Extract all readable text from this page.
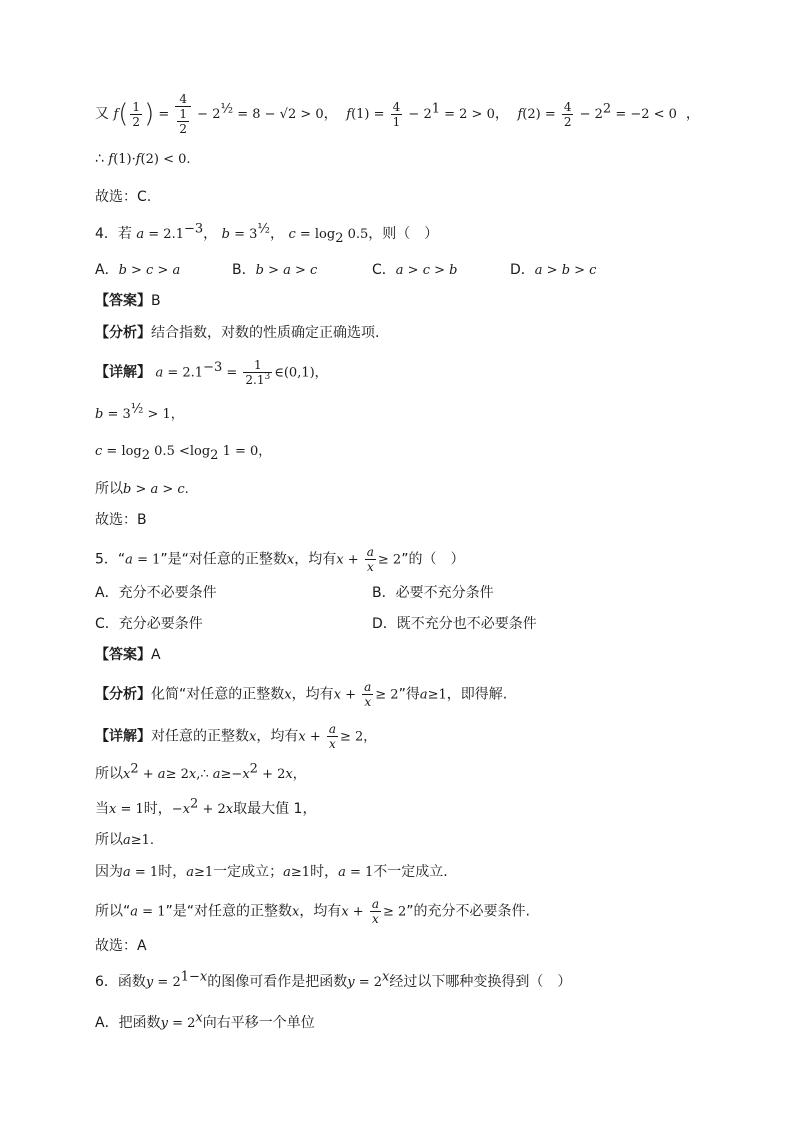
又 $f( \frac{1}{2}$ ) = $\frac{4}{\frac{1}{2}} - 2^{\frac{1}{2}} = 8 - √2 > 0$，  $f(1) = \frac{4}{1} - 2^1 = 2 > 0$，  $f(2) = \frac{4}{2} - 2^2 = -2 < 0$ ，
∴ f(1)·f(2) < 0.
故选：C.
4．若 $a = 2.1^{-3}$， $b = 3^{\frac{1}{2}}$， $c = \log_2 0.5$，则（　）
A．b > c > a	B．b > a > c	C．a > c > b	D．a > b > c
【答案】B
【分析】结合指数，对数的性质确定正确选项.
【详解】 $a = 2.1^{-3} = \frac{1}{2.1^3}$ ∈(0,1)，
$b = 3^{\frac{1}{2}} > 1$，
$c = \log_2 0.5 <\log_2$ 1 = 0，
所以b > a > c.
故选：B
5．“a = 1”是“对任意的正整数x，均有$x + \frac{a}{x} \ge 2$”的（　）
A．充分不必要条件	B．必要不充分条件
C．充分必要条件	D．既不充分也不必要条件
【答案】A
【分析】化简“对任意的正整数x，均有$x + \frac{a}{x} \ge 2$”得a≥1，即得解.
【详解】对任意的正整数x，均有$x + \frac{a}{x} \ge 2$，
所以$x^2 + a\ge$ 2x,∴ $a\ge-x^2 + 2x$，
当x = 1时，$-x^2 + 2x$取最大值 1，
所以a≥1.
因为a = 1时，a≥1一定成立；a≥1时，a = 1不一定成立.
所以“a = 1”是“对任意的正整数x，均有$x + \frac{a}{x} \ge 2$”的充分不必要条件.
故选：A
6．函数$y = 2^{1-x}$的图像可看作是把函数$y = 2^x$经过以下哪种变换得到（　）
A．把函数$y = 2^x$向右平移一个单位
